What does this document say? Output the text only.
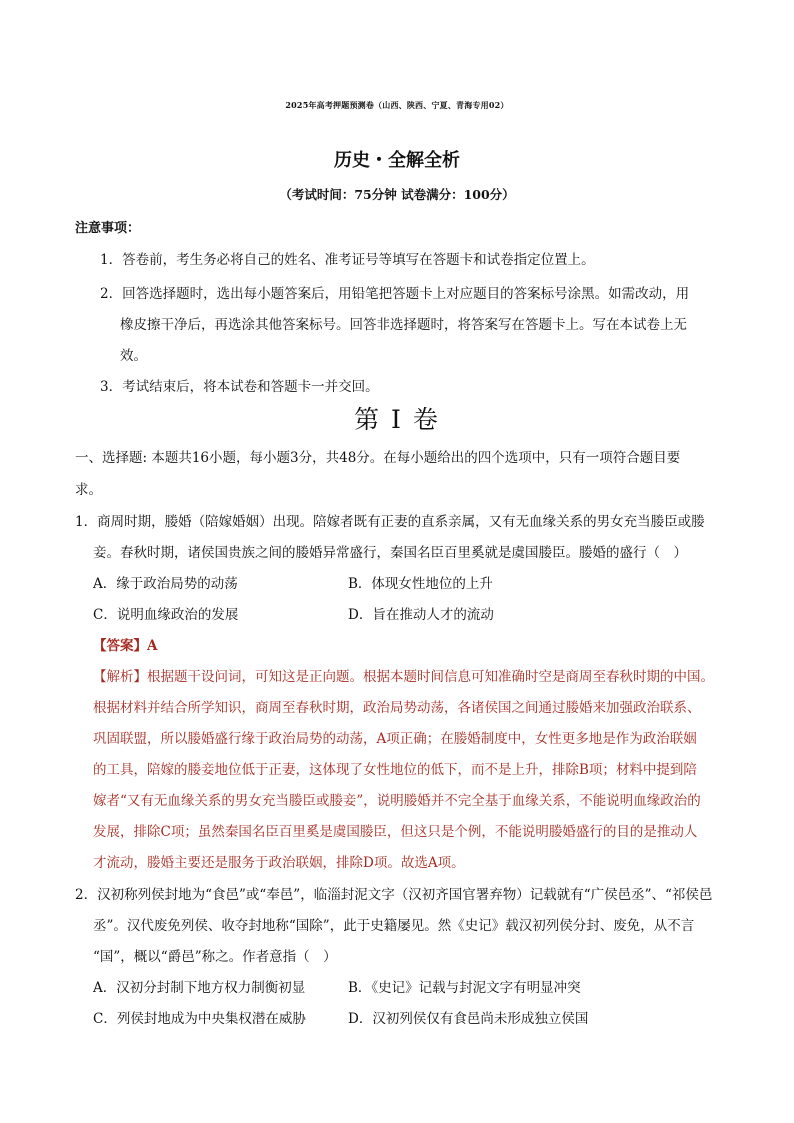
2025年高考押题预测卷（山西、陕西、宁夏、青海专用02）
历史・全解全析
（考试时间：75分钟 试卷满分：100分）
注意事项：
1．答卷前，考生务必将自己的姓名、准考证号等填写在答题卡和试卷指定位置上。
2．回答选择题时，选出每小题答案后，用铅笔把答题卡上对应题目的答案标号涂黑。如需改动，用
橡皮擦干净后，再选涂其他答案标号。回答非选择题时，将答案写在答题卡上。写在本试卷上无
效。
3．考试结束后，将本试卷和答题卡一并交回。
第 I 卷
一、选择题: 本题共16小题，每小题3分，共48分。在每小题给出的四个选项中，只有一项符合题目要
求。
1．商周时期，媵婚（陪嫁婚姻）出现。陪嫁者既有正妻的直系亲属，又有无血缘关系的男女充当媵臣或媵
妾。春秋时期，诸侯国贵族之间的媵婚异常盛行，秦国名臣百里奚就是虞国媵臣。媵婚的盛行（　）
A．缘于政治局势的动荡	B．体现女性地位的上升
C．说明血缘政治的发展	D．旨在推动人才的流动
【答案】A
【解析】根据题干设问词，可知这是正向题。根据本题时间信息可知准确时空是商周至春秋时期的中国。
根据材料并结合所学知识，商周至春秋时期，政治局势动荡，各诸侯国之间通过媵婚来加强政治联系、
巩固联盟，所以媵婚盛行缘于政治局势的动荡，A项正确；在媵婚制度中，女性更多地是作为政治联姻
的工具，陪嫁的媵妾地位低于正妻，这体现了女性地位的低下，而不是上升，排除B项；材料中提到陪
嫁者“又有无血缘关系的男女充当媵臣或媵妾”，说明媵婚并不完全基于血缘关系，不能说明血缘政治的
发展，排除C项；虽然秦国名臣百里奚是虞国媵臣，但这只是个例，不能说明媵婚盛行的目的是推动人
才流动，媵婚主要还是服务于政治联姻，排除D项。故选A项。
2．汉初称列侯封地为“食邑”或“奉邑”，临淄封泥文字（汉初齐国官署弃物）记载就有“广侯邑丞”、“祁侯邑
丞”。汉代废免列侯、收夺封地称“国除”，此于史籍屡见。然《史记》载汉初列侯分封、废免，从不言
“国”，概以“爵邑”称之。作者意指（　）
A．汉初分封制下地方权力制衡初显	B．《史记》记载与封泥文字有明显冲突
C．列侯封地成为中央集权潜在威胁	D．汉初列侯仅有食邑尚未形成独立侯国
